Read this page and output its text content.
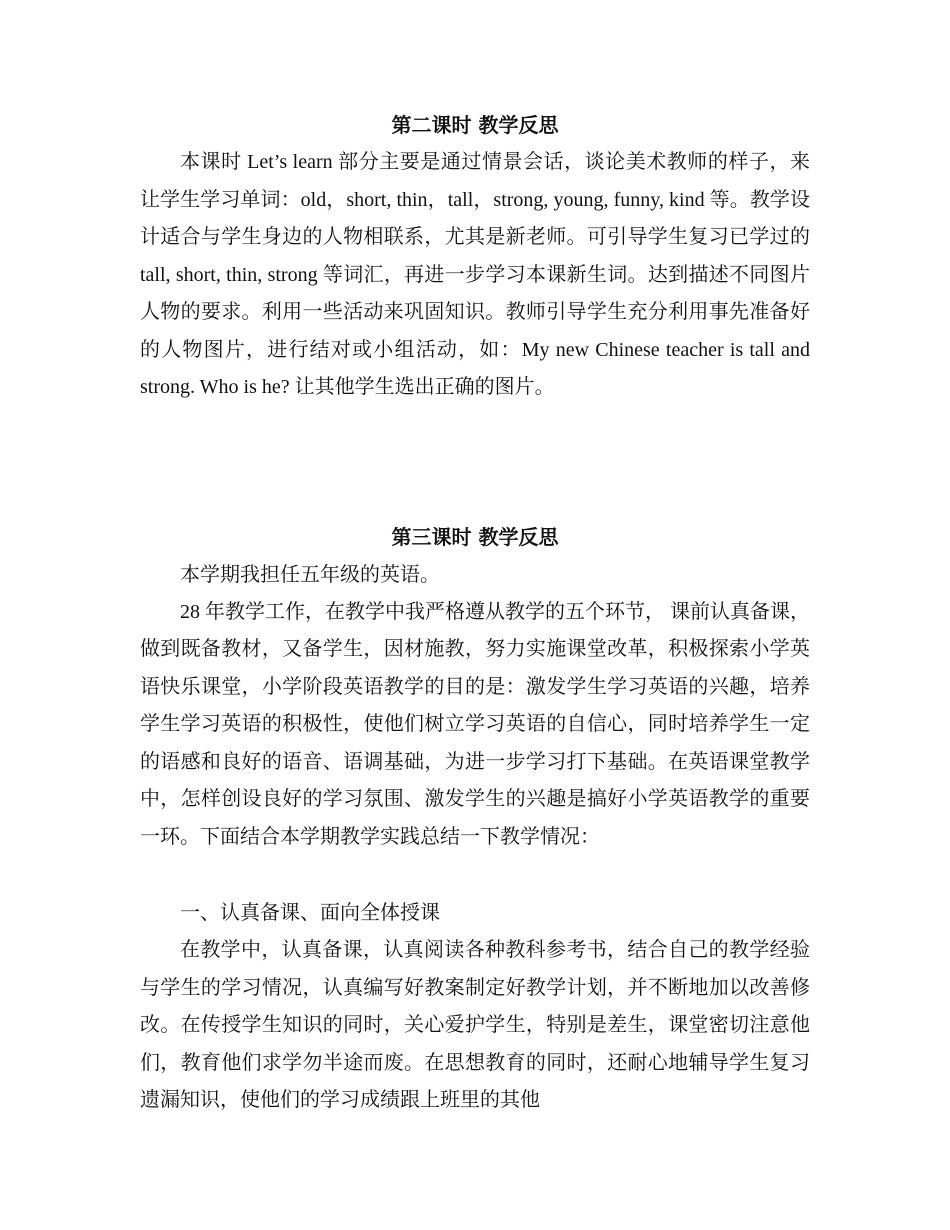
第二课时 教学反思

本课时 Let’s learn 部分主要是通过情景会话，谈论美术教师的样子，来让学生学习单词：old，short, thin，tall，strong, young, funny, kind 等。教学设计适合与学生身边的人物相联系，尤其是新老师。可引导学生复习已学过的 tall, short, thin, strong 等词汇，再进一步学习本课新生词。达到描述不同图片人物的要求。利用一些活动来巩固知识。教师引导学生充分利用事先准备好的人物图片，进行结对或小组活动，如：My new Chinese teacher is tall and strong. Who is he? 让其他学生选出正确的图片。

第三课时 教学反思

本学期我担任五年级的英语。

28 年教学工作，在教学中我严格遵从教学的五个环节， 课前认真备课，做到既备教材，又备学生，因材施教，努力实施课堂改革，积极探索小学英语快乐课堂，小学阶段英语教学的目的是：激发学生学习英语的兴趣，培养学生学习英语的积极性，使他们树立学习英语的自信心，同时培养学生一定的语感和良好的语音、语调基础，为进一步学习打下基础。在英语课堂教学中，怎样创设良好的学习氛围、激发学生的兴趣是搞好小学英语教学的重要一环。下面结合本学期教学实践总结一下教学情况：

一、认真备课、面向全体授课

在教学中，认真备课，认真阅读各种教科参考书，结合自己的教学经验与学生的学习情况，认真编写好教案制定好教学计划，并不断地加以改善修改。在传授学生知识的同时，关心爱护学生，特别是差生，课堂密切注意他们，教育他们求学勿半途而废。在思想教育的同时，还耐心地辅导学生复习遗漏知识，使他们的学习成绩跟上班里的其他
